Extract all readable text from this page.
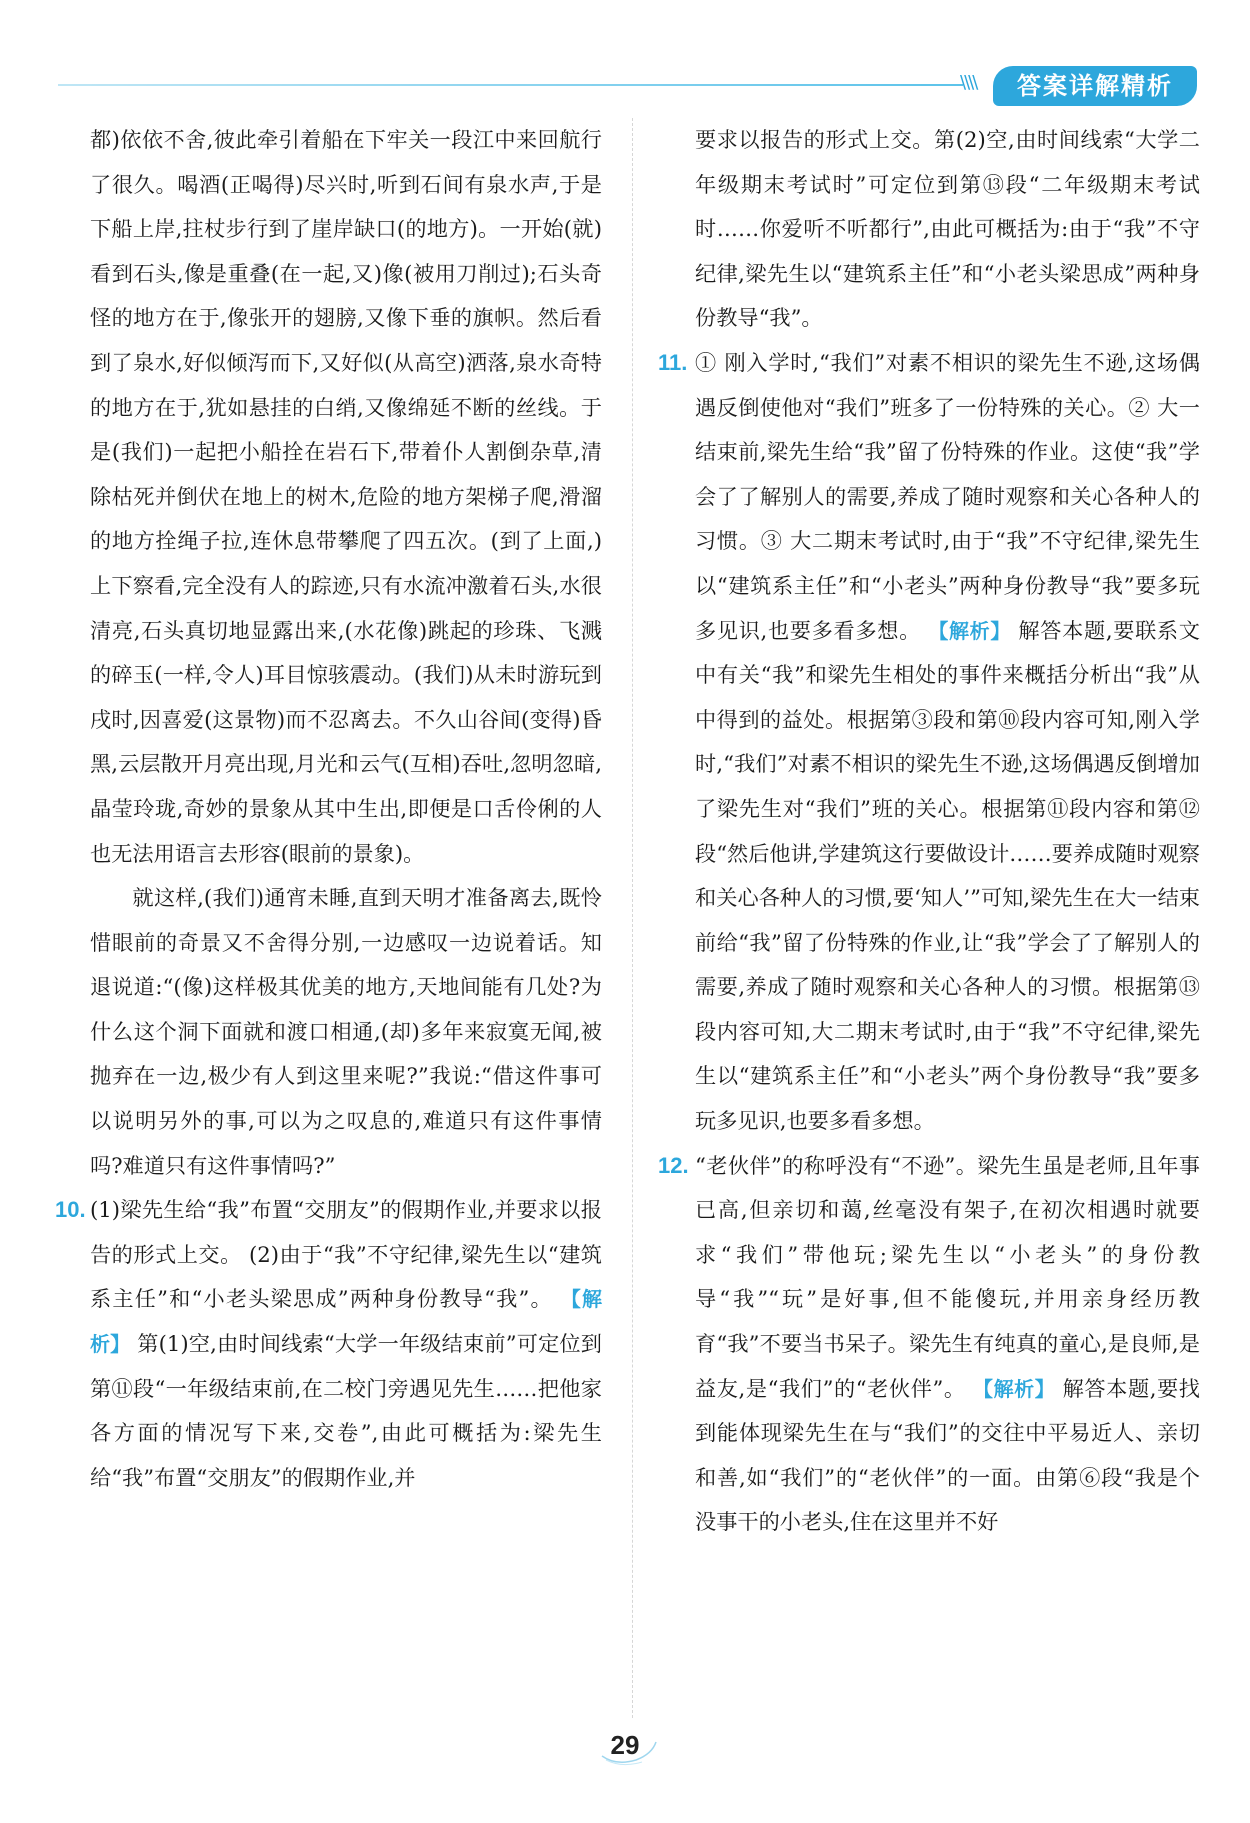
\\\\	答案详解精析

都)依依不舍,彼此牵引着船在下牢关一段江中来回航行了很久。喝酒(正喝得)尽兴时,听到石间有泉水声,于是下船上岸,拄杖步行到了崖岸缺口(的地方)。一开始(就)看到石头,像是重叠(在一起,又)像(被用刀削过);石头奇怪的地方在于,像张开的翅膀,又像下垂的旗帜。然后看到了泉水,好似倾泻而下,又好似(从高空)洒落,泉水奇特的地方在于,犹如悬挂的白绡,又像绵延不断的丝线。于是(我们)一起把小船拴在岩石下,带着仆人割倒杂草,清除枯死并倒伏在地上的树木,危险的地方架梯子爬,滑溜的地方拴绳子拉,连休息带攀爬了四五次。(到了上面,)上下察看,完全没有人的踪迹,只有水流冲激着石头,水很清亮,石头真切地显露出来,(水花像)跳起的珍珠、飞溅的碎玉(一样,令人)耳目惊骇震动。(我们)从未时游玩到戌时,因喜爱(这景物)而不忍离去。不久山谷间(变得)昏黑,云层散开月亮出现,月光和云气(互相)吞吐,忽明忽暗,晶莹玲珑,奇妙的景象从其中生出,即便是口舌伶俐的人也无法用语言去形容(眼前的景象)。

就这样,(我们)通宵未睡,直到天明才准备离去,既怜惜眼前的奇景又不舍得分别,一边感叹一边说着话。知退说道:“(像)这样极其优美的地方,天地间能有几处?为什么这个洞下面就和渡口相通,(却)多年来寂寞无闻,被抛弃在一边,极少有人到这里来呢?”我说:“借这件事可以说明另外的事,可以为之叹息的,难道只有这件事情吗?难道只有这件事情吗?”

10. (1)梁先生给“我”布置“交朋友”的假期作业,并要求以报告的形式上交。 (2)由于“我”不守纪律,梁先生以“建筑系主任”和“小老头梁思成”两种身份教导“我”。 【解析】 第(1)空,由时间线索“大学一年级结束前”可定位到第⑪段“一年级结束前,在二校门旁遇见先生……把他家各方面的情况写下来,交卷”,由此可概括为:梁先生给“我”布置“交朋友”的假期作业,并

要求以报告的形式上交。第(2)空,由时间线索“大学二年级期末考试时”可定位到第⑬段“二年级期末考试时……你爱听不听都行”,由此可概括为:由于“我”不守纪律,梁先生以“建筑系主任”和“小老头梁思成”两种身份教导“我”。

11. ① 刚入学时,“我们”对素不相识的梁先生不逊,这场偶遇反倒使他对“我们”班多了一份特殊的关心。② 大一结束前,梁先生给“我”留了份特殊的作业。这使“我”学会了了解别人的需要,养成了随时观察和关心各种人的习惯。③ 大二期末考试时,由于“我”不守纪律,梁先生以“建筑系主任”和“小老头”两种身份教导“我”要多玩多见识,也要多看多想。 【解析】 解答本题,要联系文中有关“我”和梁先生相处的事件来概括分析出“我”从中得到的益处。根据第③段和第⑩段内容可知,刚入学时,“我们”对素不相识的梁先生不逊,这场偶遇反倒增加了梁先生对“我们”班的关心。根据第⑪段内容和第⑫段“然后他讲,学建筑这行要做设计……要养成随时观察和关心各种人的习惯,要‘知人’”可知,梁先生在大一结束前给“我”留了份特殊的作业,让“我”学会了了解别人的需要,养成了随时观察和关心各种人的习惯。根据第⑬段内容可知,大二期末考试时,由于“我”不守纪律,梁先生以“建筑系主任”和“小老头”两个身份教导“我”要多玩多见识,也要多看多想。
12. “老伙伴”的称呼没有“不逊”。梁先生虽是老师,且年事已高,但亲切和蔼,丝毫没有架子,在初次相遇时就要求“我们”带他玩;梁先生以“小老头”的身份教导“我”“玩”是好事,但不能傻玩,并用亲身经历教育“我”不要当书呆子。梁先生有纯真的童心,是良师,是益友,是“我们”的“老伙伴”。 【解析】 解答本题,要找到能体现梁先生在与“我们”的交往中平易近人、亲切和善,如“我们”的“老伙伴”的一面。由第⑥段“我是个没事干的小老头,住在这里并不好
29
